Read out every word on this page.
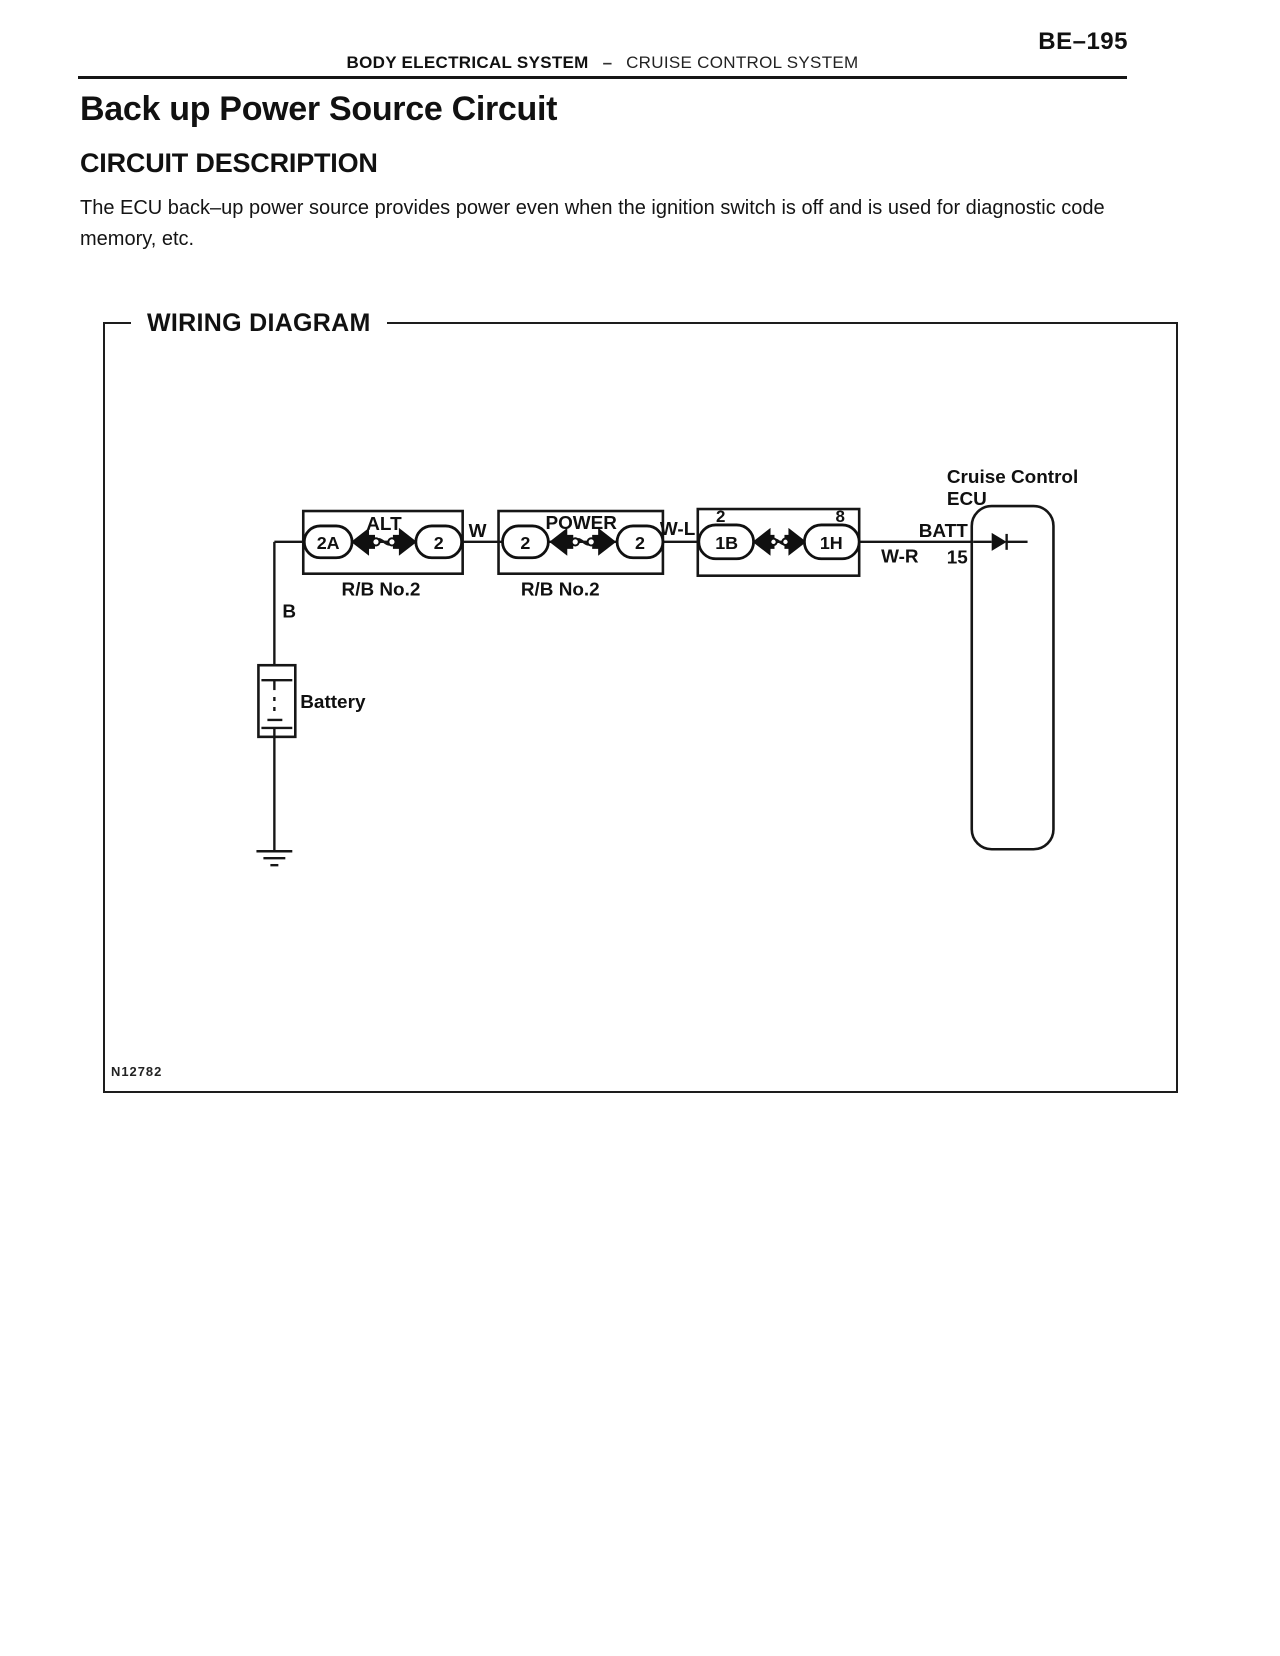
BE–195
BODY ELECTRICAL SYSTEM – CRUISE CONTROL SYSTEM
Back up Power Source Circuit
CIRCUIT DESCRIPTION

The ECU back–up power source provides power even when the ignition switch is off and is used for diagnostic code memory, etc.

WIRING DIAGRAM
2A	2	2	2	1B	1H
2	8
ALT	POWER
R/B No.2	R/B No.2
W	W-L
W-R
B
Cruise Control
ECU
BATT
15
Battery
N12782
